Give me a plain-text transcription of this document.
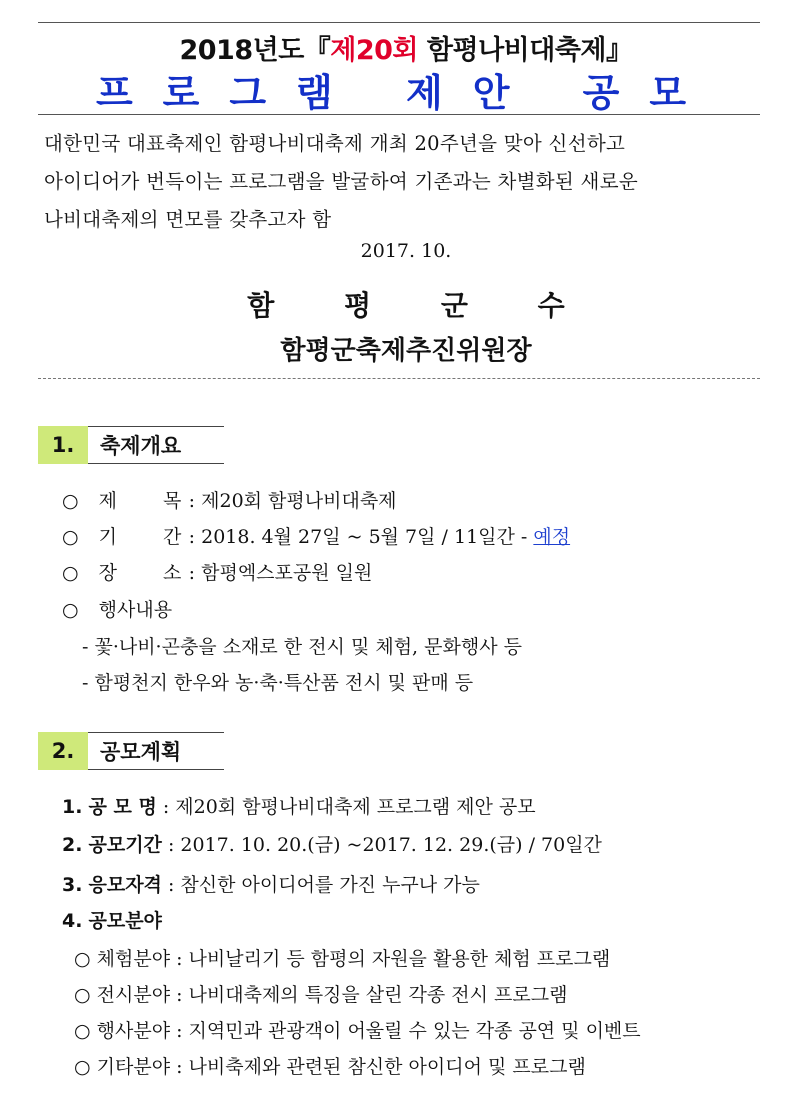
2018년도『제20회 함평나비대축제』
프로그램 제안 공모
대한민국 대표축제인 함평나비대축제 개최 20주년을 맞아 신선하고
아이디어가 번득이는 프로그램을 발굴하여 기존과는 차별화된 새로운
나비대축제의 면모를 갖추고자 함
2017. 10.
함 평 군 수
함평군축제추진위원장
1.	축제개요
○ 제 목 : 제20회 함평나비대축제
○ 기 간 : 2018. 4월 27일 ~ 5월 7일 / 11일간 - 예정
○ 장 소 : 함평엑스포공원 일원
○ 행사내용
- 꽃·나비·곤충을 소재로 한 전시 및 체험, 문화행사 등
- 함평천지 한우와 농·축·특산품 전시 및 판매 등
2.	공모계획
1. 공 모 명 : 제20회 함평나비대축제 프로그램 제안 공모
2. 공모기간 : 2017. 10. 20.(금) ~2017. 12. 29.(금) / 70일간
3. 응모자격 : 참신한 아이디어를 가진 누구나 가능
4. 공모분야
○ 체험분야 : 나비날리기 등 함평의 자원을 활용한 체험 프로그램
○ 전시분야 : 나비대축제의 특징을 살린 각종 전시 프로그램
○ 행사분야 : 지역민과 관광객이 어울릴 수 있는 각종 공연 및 이벤트
○ 기타분야 : 나비축제와 관련된 참신한 아이디어 및 프로그램
